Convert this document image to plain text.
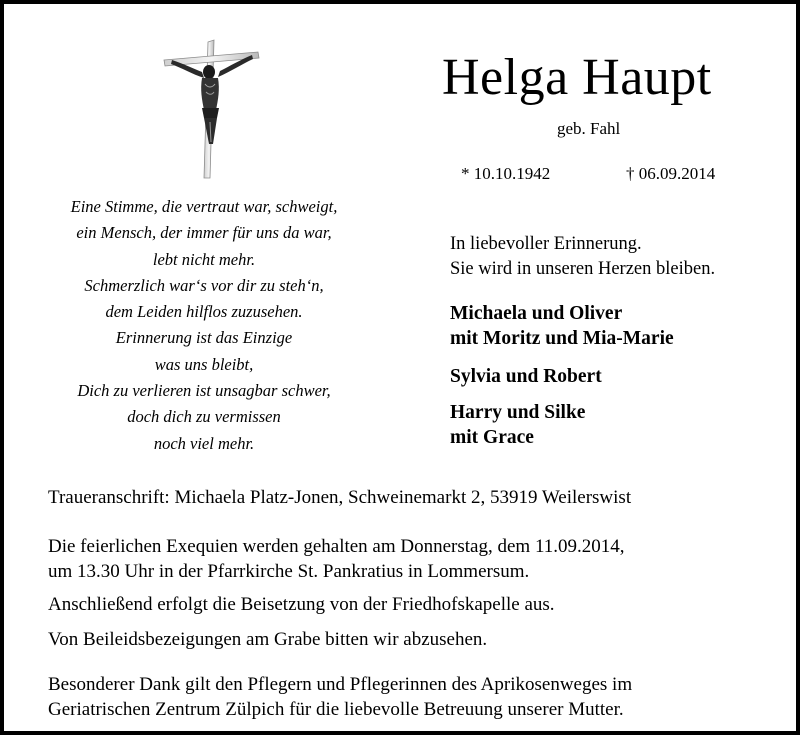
Helga Haupt
geb. Fahl
* 10.10.1942	† 06.09.2014
Eine Stimme, die vertraut war, schweigt,
ein Mensch, der immer für uns da war,
lebt nicht mehr.
Schmerzlich war‘s vor dir zu steh‘n,
dem Leiden hilflos zuzusehen.
Erinnerung ist das Einzige
was uns bleibt,
Dich zu verlieren ist unsagbar schwer,
doch dich zu vermissen
noch viel mehr.
In liebevoller Erinnerung.
Sie wird in unseren Herzen bleiben.
Michaela und Oliver
mit Moritz und Mia-Marie
Sylvia und Robert
Harry und Silke
mit Grace
Traueranschrift: Michaela Platz-Jonen, Schweinemarkt 2, 53919 Weilerswist
Die feierlichen Exequien werden gehalten am Donnerstag, dem 11.09.2014,
um 13.30 Uhr in der Pfarrkirche St. Pankratius in Lommersum.
Anschließend erfolgt die Beisetzung von der Friedhofskapelle aus.
Von Beileidsbezeigungen am Grabe bitten wir abzusehen.
Besonderer Dank gilt den Pflegern und Pflegerinnen des Aprikosenweges im
Geriatrischen Zentrum Zülpich für die liebevolle Betreuung unserer Mutter.
